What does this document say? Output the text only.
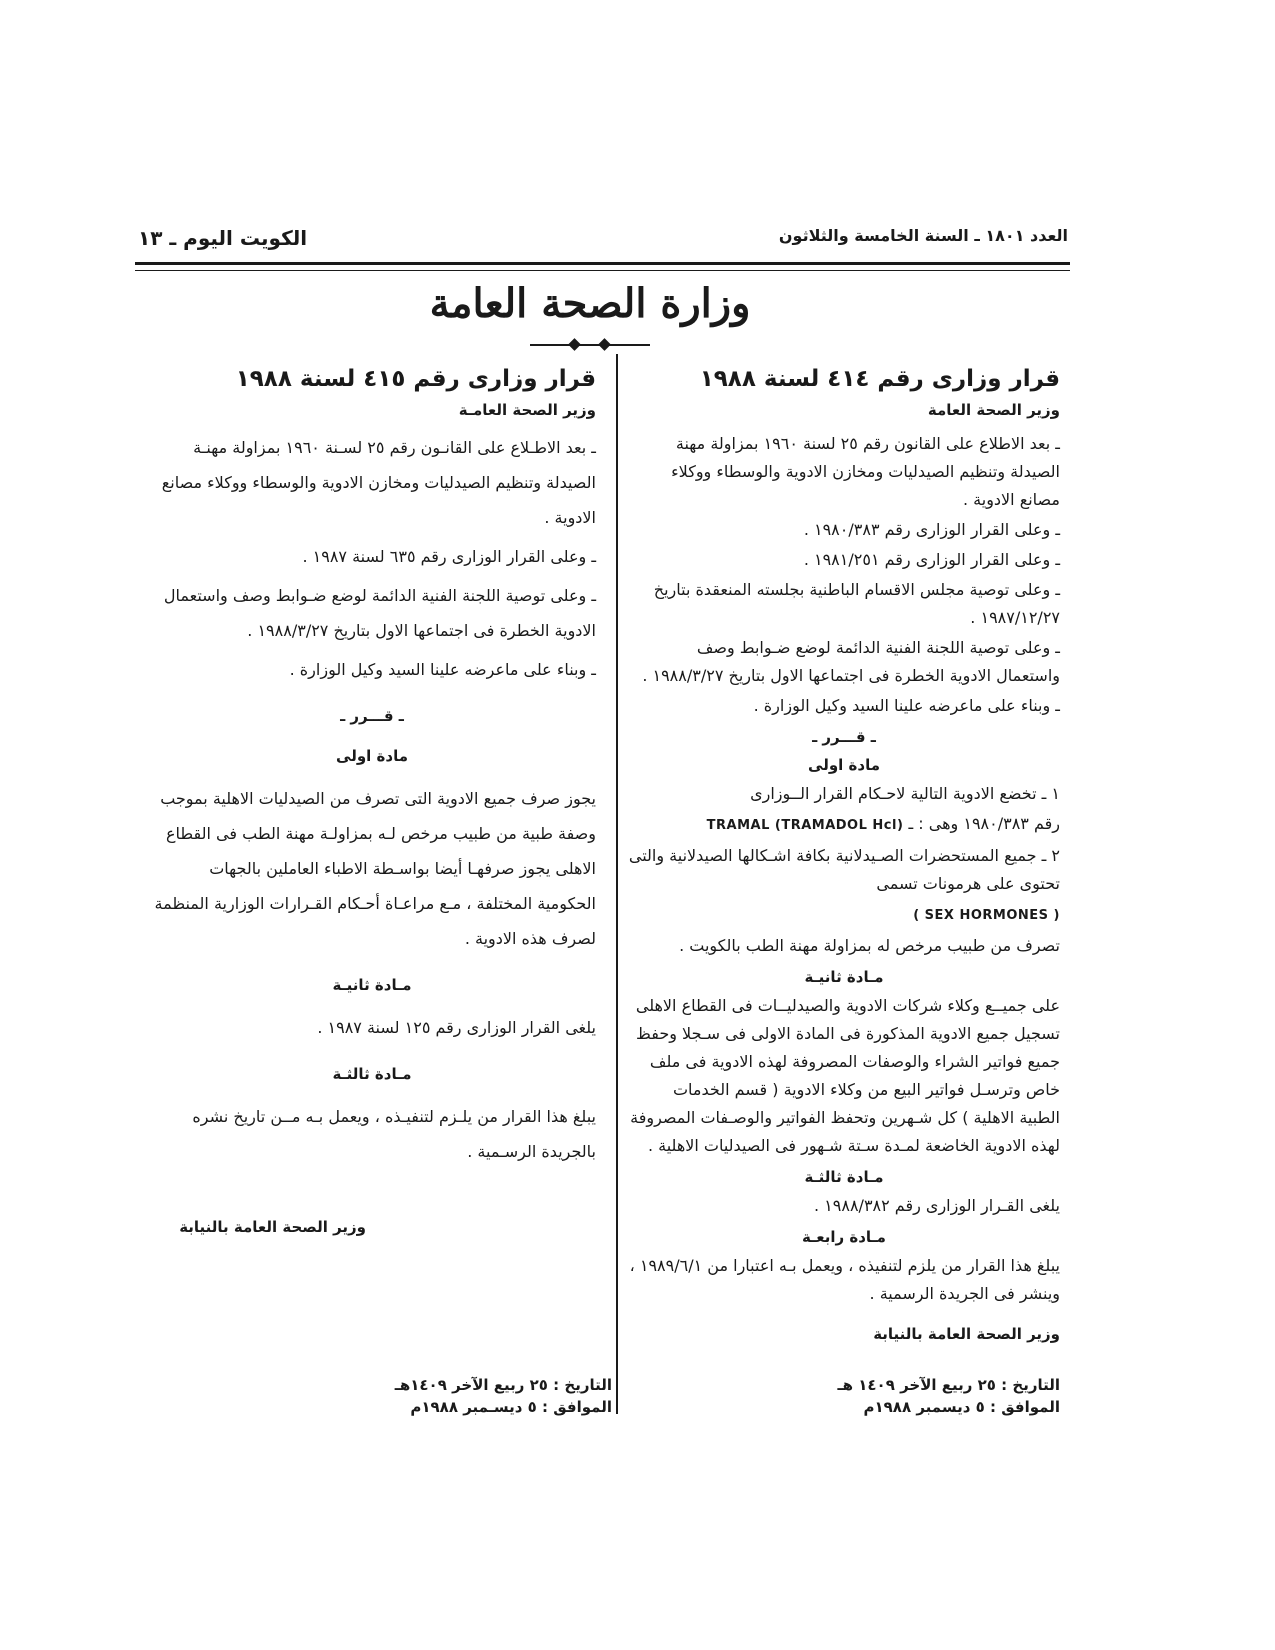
العدد ١٨٠١ ـ السنة الخامسة والثلاثون
الكويت اليوم ـ ١٣
وزارة الصحة العامة
قرار وزارى رقم ٤١٤ لسنة ١٩٨٨
وزير الصحة العامة

ـ بعد الاطلاع على القانون رقم ٢٥ لسنة ١٩٦٠ بمزاولة مهنة الصيدلة وتنظيم الصيدليات ومخازن الادوية والوسطاء ووكلاء مصانع الادوية .

ـ وعلى القرار الوزارى رقم ١٩٨٠/٣٨٣ .

ـ وعلى القرار الوزارى رقم ١٩٨١/٢٥١ .

ـ وعلى توصية مجلس الاقسام الباطنية بجلسته المنعقدة بتاريخ ١٩٨٧/١٢/٢٧ .

ـ وعلى توصية اللجنة الفنية الدائمة لوضع ضـوابط وصف واستعمال الادوية الخطرة فى اجتماعها الاول بتاريخ ١٩٨٨/٣/٢٧ .

ـ وبناء على ماعرضه علينا السيد وكيل الوزارة .

ـ قـــرر ـ
مادة اولى

١ ـ تخضع الادوية التالية لاحـكام القرار الــوزارى

رقم ١٩٨٠/٣٨٣ وهى : ـ TRAMAL (TRAMADOL Hcl)

٢ ـ جميع المستحضرات الصـيدلانية بكافة اشـكالها الصيدلانية والتى تحتوى على هرمونات تسمى

( SEX HORMONES )

تصرف من طبيب مرخص له بمزاولة مهنة الطب بالكويت .

مـادة ثانيـة

على جميــع وكلاء شركات الادوية والصيدليــات فى القطاع الاهلى تسجيل جميع الادوية المذكورة فى المادة الاولى فى سـجلا وحفظ جميع فواتير الشراء والوصفات المصروفة لهذه الادوية فى ملف خاص وترسـل فواتير البيع من وكلاء الادوية ( قسم الخدمات الطبية الاهلية ) كل شـهرين وتحفظ الفواتير والوصـفات المصروفة لهذه الادوية الخاضعة لمـدة سـتة شـهور فى الصيدليات الاهلية .

مـادة ثالثـة

يلغى القـرار الوزارى رقم ١٩٨٨/٣٨٢ .

مـادة رابعـة

يبلغ هذا القرار من يلزم لتنفيذه ، ويعمل بـه اعتبارا من ١٩٨٩/٦/١ ، وينشر فى الجريدة الرسمية .

وزير الصحة العامة بالنيابة
التاريخ : ٢٥ ربيع الآخر ١٤٠٩ هـ
الموافق : ٥ ديسمبر ١٩٨٨م
قرار وزارى رقم ٤١٥ لسنة ١٩٨٨
وزير الصحة العامـة

ـ بعد الاطـلاع على القانـون رقم ٢٥ لسـنة ١٩٦٠ بمزاولة مهنـة الصيدلة وتنظيم الصيدليات ومخازن الادوية والوسطاء ووكلاء مصانع الادوية .

ـ وعلى القرار الوزارى رقم ٦٣٥ لسنة ١٩٨٧ .

ـ وعلى توصية اللجنة الفنية الدائمة لوضع ضـوابط وصف واستعمال الادوية الخطرة فى اجتماعها الاول بتاريخ ١٩٨٨/٣/٢٧ .

ـ وبناء على ماعرضه علينا السيد وكيل الوزارة .

ـ قـــرر ـ
مادة اولى

يجوز صرف جميع الادوية التى تصرف من الصيدليات الاهلية بموجب وصفة طبية من طبيب مرخص لـه بمزاولـة مهنة الطب فى القطاع الاهلى يجوز صرفهـا أيضا بواسـطة الاطباء العاملين بالجهات الحكومية المختلفة ، مـع مراعـاة أحـكام القـرارات الوزارية المنظمة لصرف هذه الادوية .

مـادة ثانيـة

يلغى القرار الوزارى رقم ١٢٥ لسنة ١٩٨٧ .

مـادة ثالثـة

يبلغ هذا القرار من يلـزم لتنفيـذه ، ويعمل بـه مــن تاريخ نشره بالجريدة الرسـمية .

وزير الصحة العامة بالنيابة
التاريخ : ٢٥ ربيع الآخر ١٤٠٩هـ
الموافق : ٥ ديسـمبر ١٩٨٨م
